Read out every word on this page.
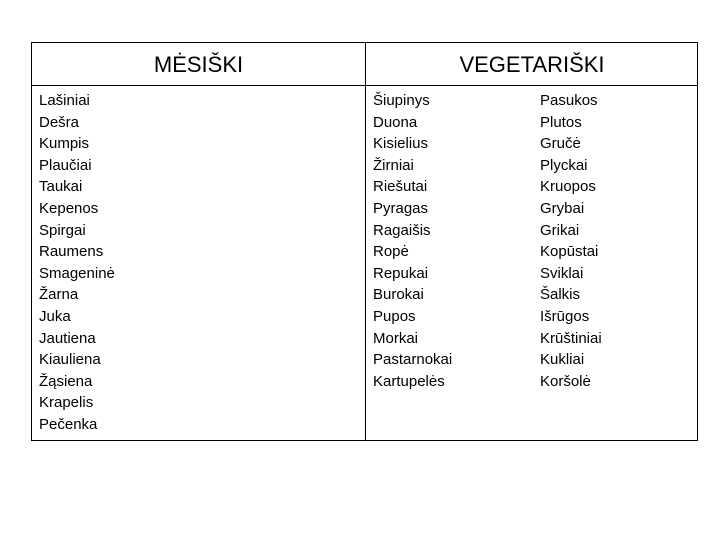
MĖSIŠKI	VEGETARIŠKI
Lašiniai
Dešra
Kumpis
Plaučiai
Taukai
Kepenos
Spirgai
Raumens
Smageninė
Žarna
Juka
Jautiena
Kiauliena
Žąsiena
Krapelis
Pečenka
Šiupinys
Duona
Kisielius
Žirniai
Riešutai
Pyragas
Ragaišis
Ropė
Repukai
Burokai
Pupos
Morkai
Pastarnokai
Kartupelės
Pasukos
Plutos
Gručė
Plyckai
Kruopos
Grybai
Grikai
Kopūstai
Sviklai
Šalkis
Išrūgos
Krūštiniai
Kukliai
Koršolė
